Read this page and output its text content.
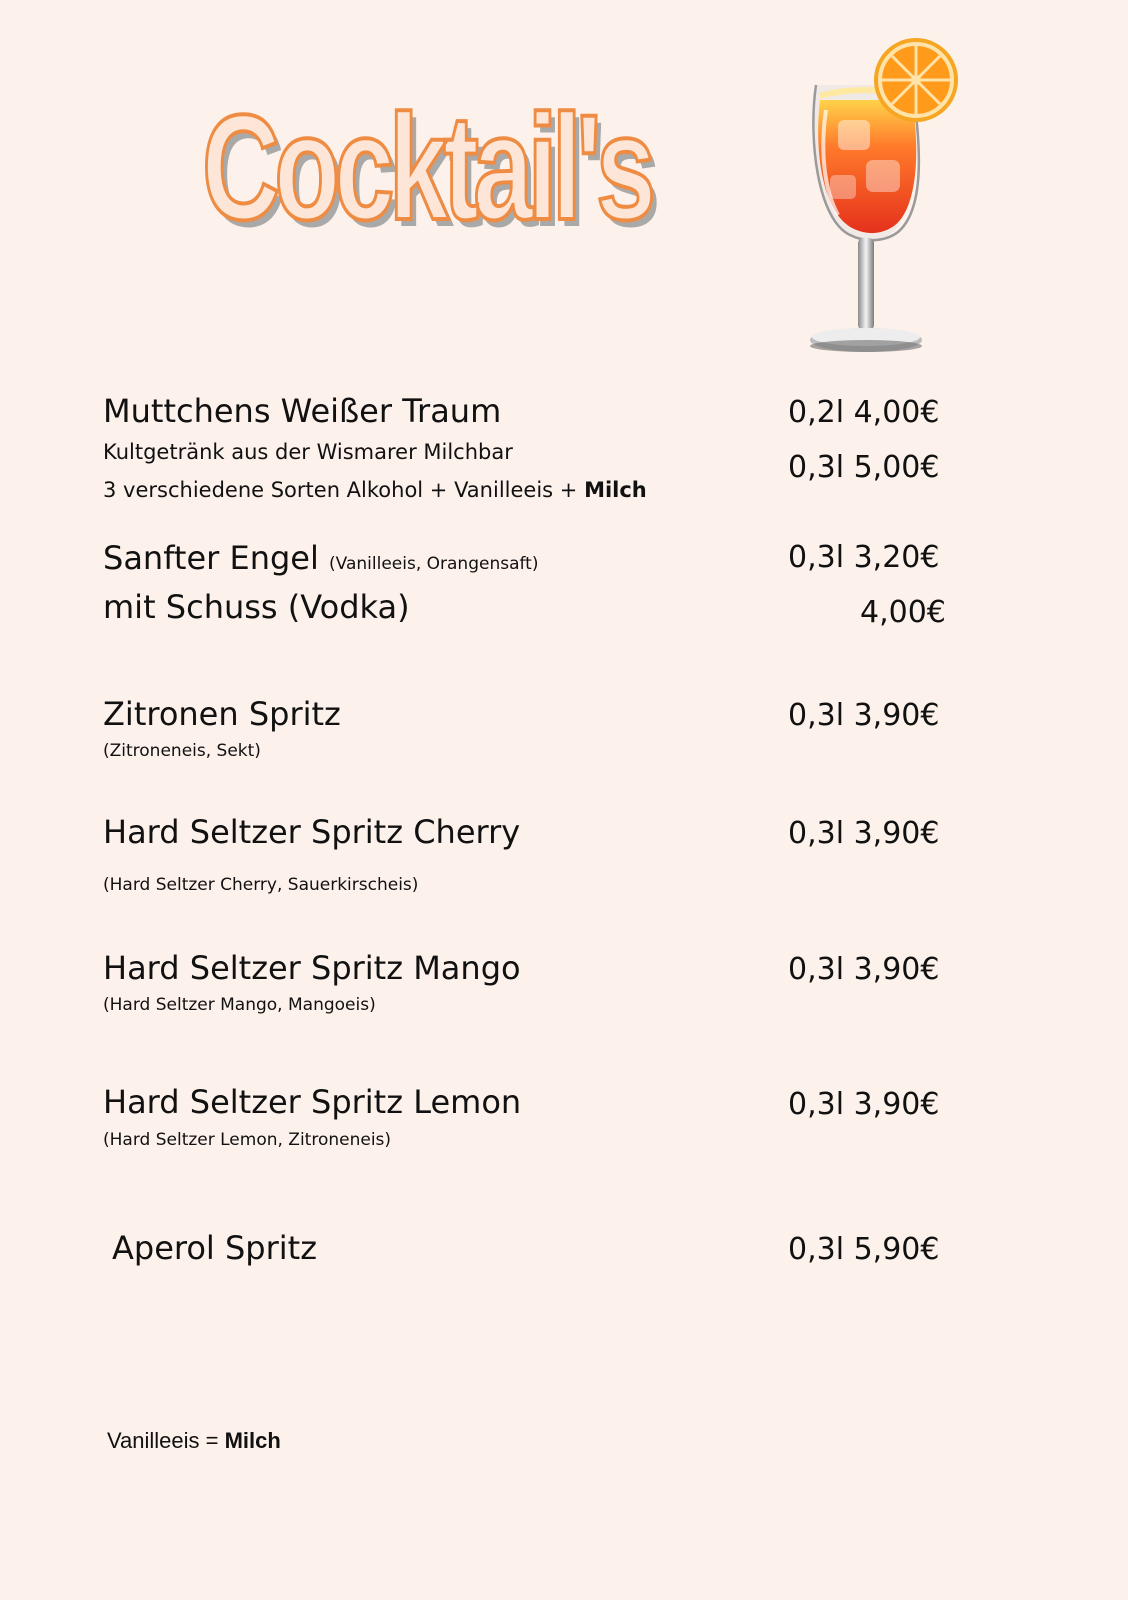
Cocktail's
Muttchens Weißer Traum
Kultgetränk aus der Wismarer Milchbar
3 verschiedene Sorten Alkohol + Vanilleeis + Milch
0,2l 4,00€
0,3l 5,00€
Sanfter Engel (Vanilleeis, Orangensaft)
mit Schuss (Vodka)
0,3l 3,20€
4,00€
Zitronen Spritz
(Zitroneneis, Sekt)
0,3l 3,90€
Hard Seltzer Spritz Cherry
(Hard Seltzer Cherry, Sauerkirscheis)
0,3l 3,90€
Hard Seltzer Spritz Mango
(Hard Seltzer Mango, Mangoeis)
0,3l 3,90€
Hard Seltzer Spritz Lemon
(Hard Seltzer Lemon, Zitroneneis)
0,3l 3,90€
Aperol Spritz	0,3l 5,90€
Vanilleeis = Milch
